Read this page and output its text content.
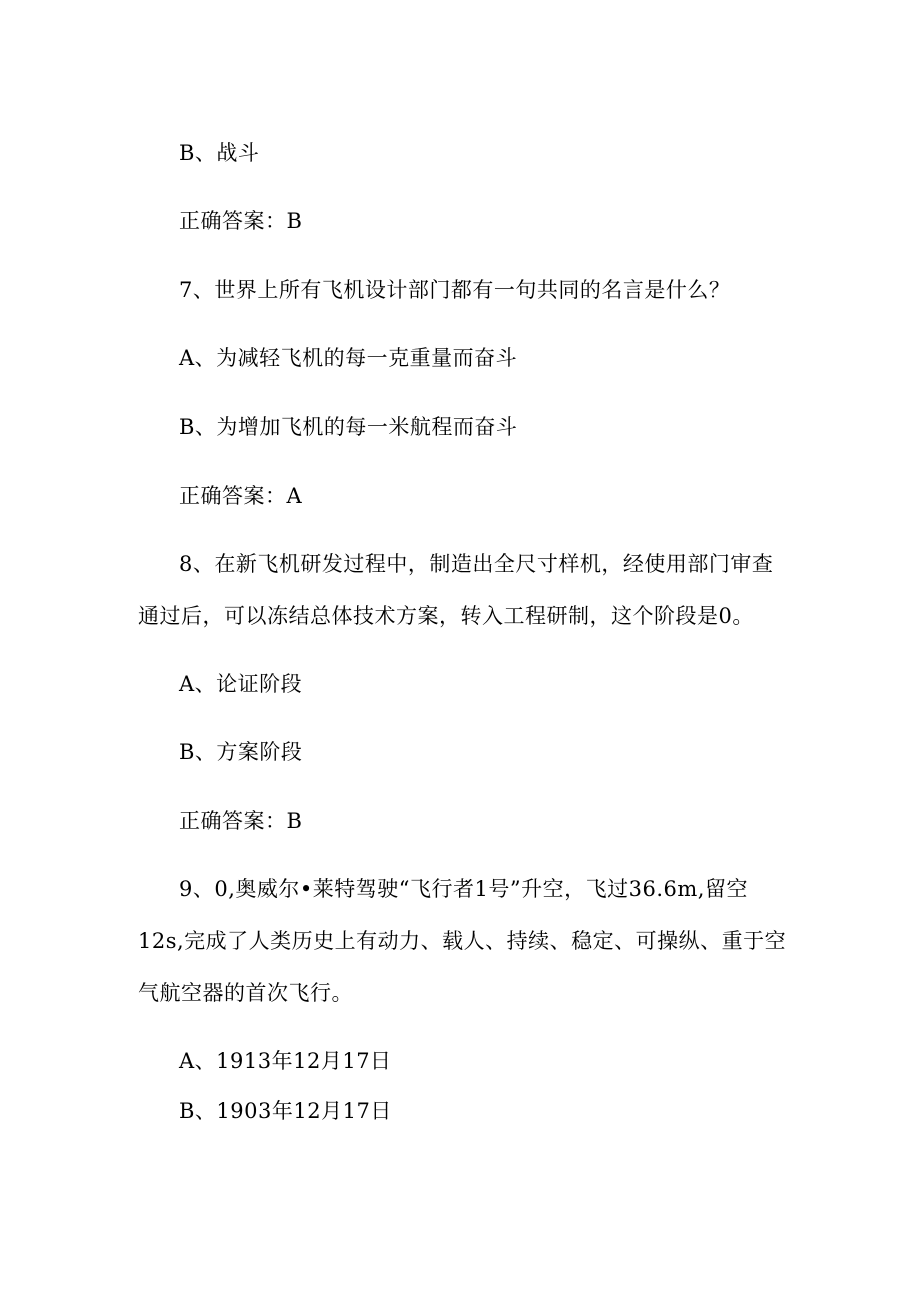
B、战斗
正确答案：B
7、世界上所有飞机设计部门都有一句共同的名言是什么？
A、为减轻飞机的每一克重量而奋斗
B、为增加飞机的每一米航程而奋斗
正确答案：A
8、在新飞机研发过程中，制造出全尺寸样机，经使用部门审查
通过后，可以冻结总体技术方案，转入工程研制，这个阶段是0。
A、论证阶段
B、方案阶段
正确答案：B
9、0,奥威尔•莱特驾驶“飞行者1号”升空，飞过36.6m,留空
12s,完成了人类历史上有动力、载人、持续、稳定、可操纵、重于空
气航空器的首次飞行。
A、1913年12月17日
B、1903年12月17日
